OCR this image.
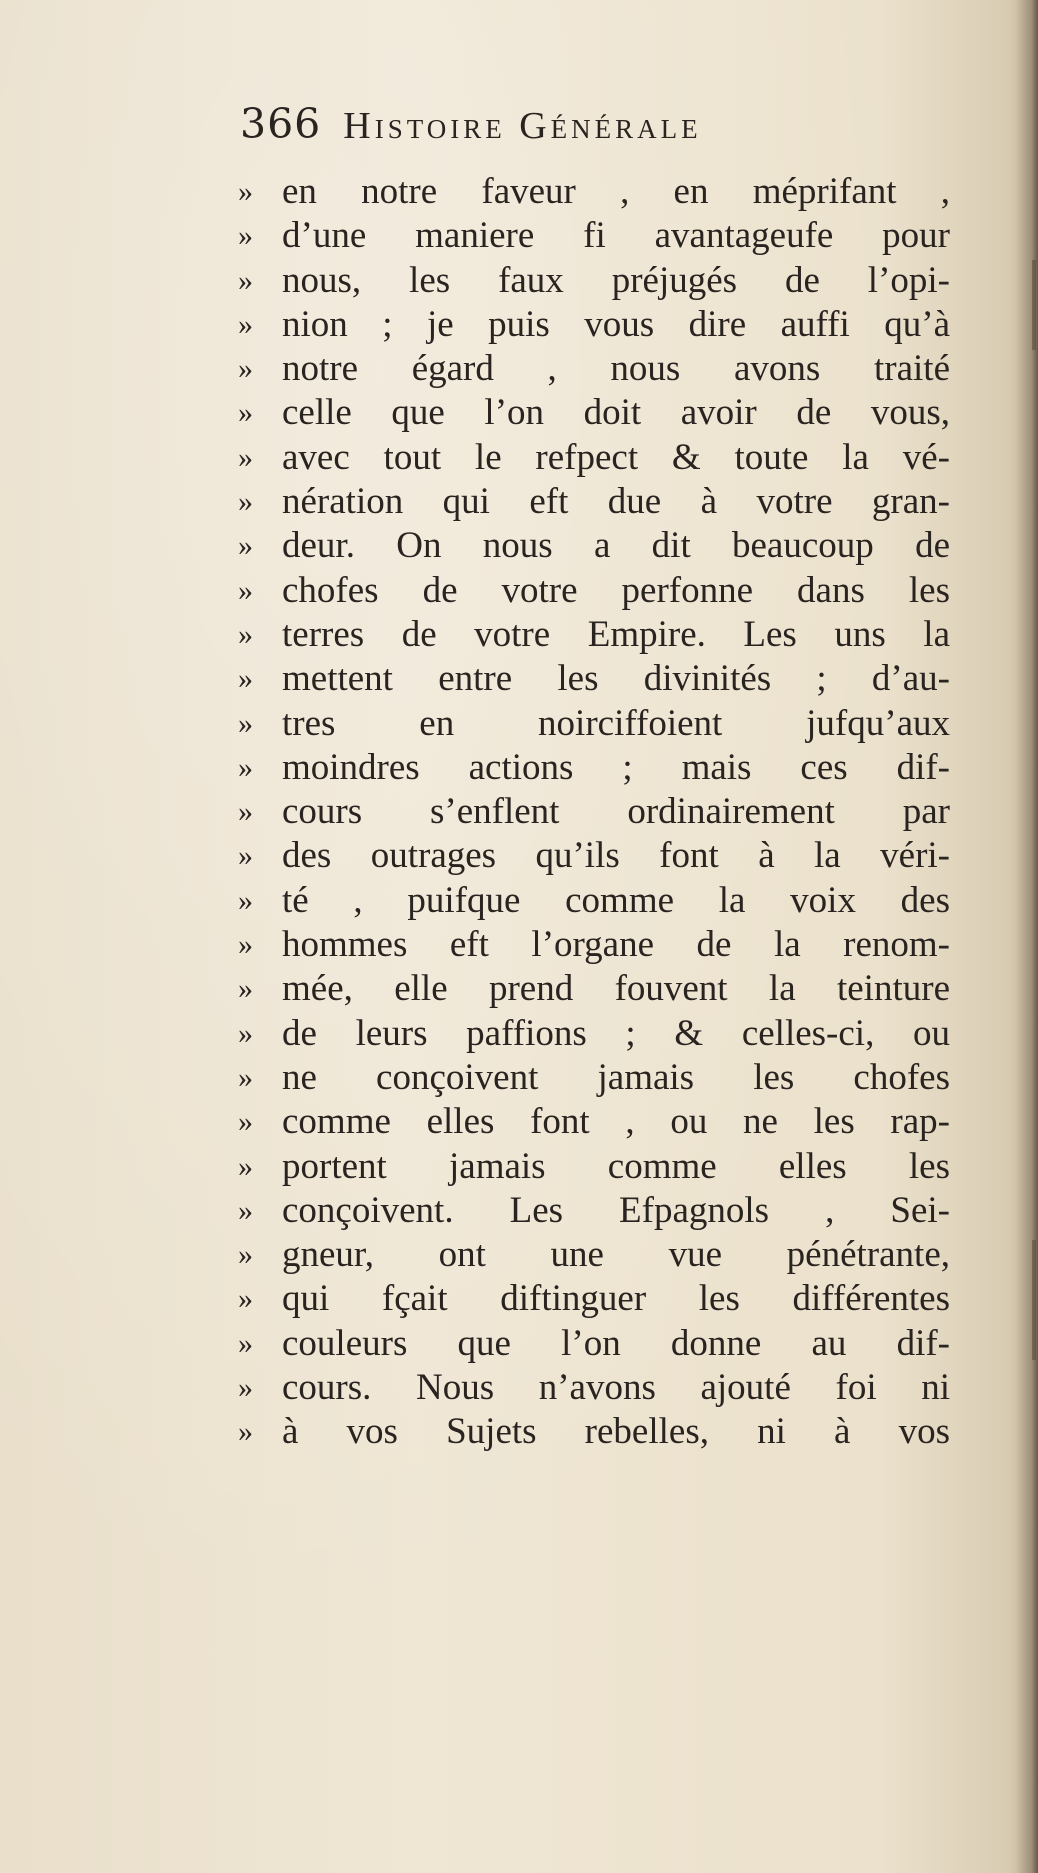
366 Histoire Générale
» en notre faveur , en méprifant ,
» d’une maniere fi avantageufe pour
» nous, les faux préjugés de l’opi-
» nion ; je puis vous dire auffi qu’à
» notre égard , nous avons traité
» celle que l’on doit avoir de vous,
» avec tout le refpect & toute la vé-
» nération qui eft due à votre gran-
» deur. On nous a dit beaucoup de
» chofes de votre perfonne dans les
» terres de votre Empire. Les uns la
» mettent entre les divinités ; d’au-
» tres en noirciffoient jufqu’aux
» moindres actions ; mais ces dif-
» cours s’enflent ordinairement par
» des outrages qu’ils font à la véri-
» té , puifque comme la voix des
» hommes eft l’organe de la renom-
» mée, elle prend fouvent la teinture
» de leurs paffions ; & celles-ci, ou
» ne conçoivent jamais les chofes
» comme elles font , ou ne les rap-
» portent jamais comme elles les
» conçoivent. Les Efpagnols , Sei-
» gneur, ont une vue pénétrante,
» qui fçait diftinguer les différentes
» couleurs que l’on donne au dif-
» cours. Nous n’avons ajouté foi ni
» à vos Sujets rebelles, ni à vos
